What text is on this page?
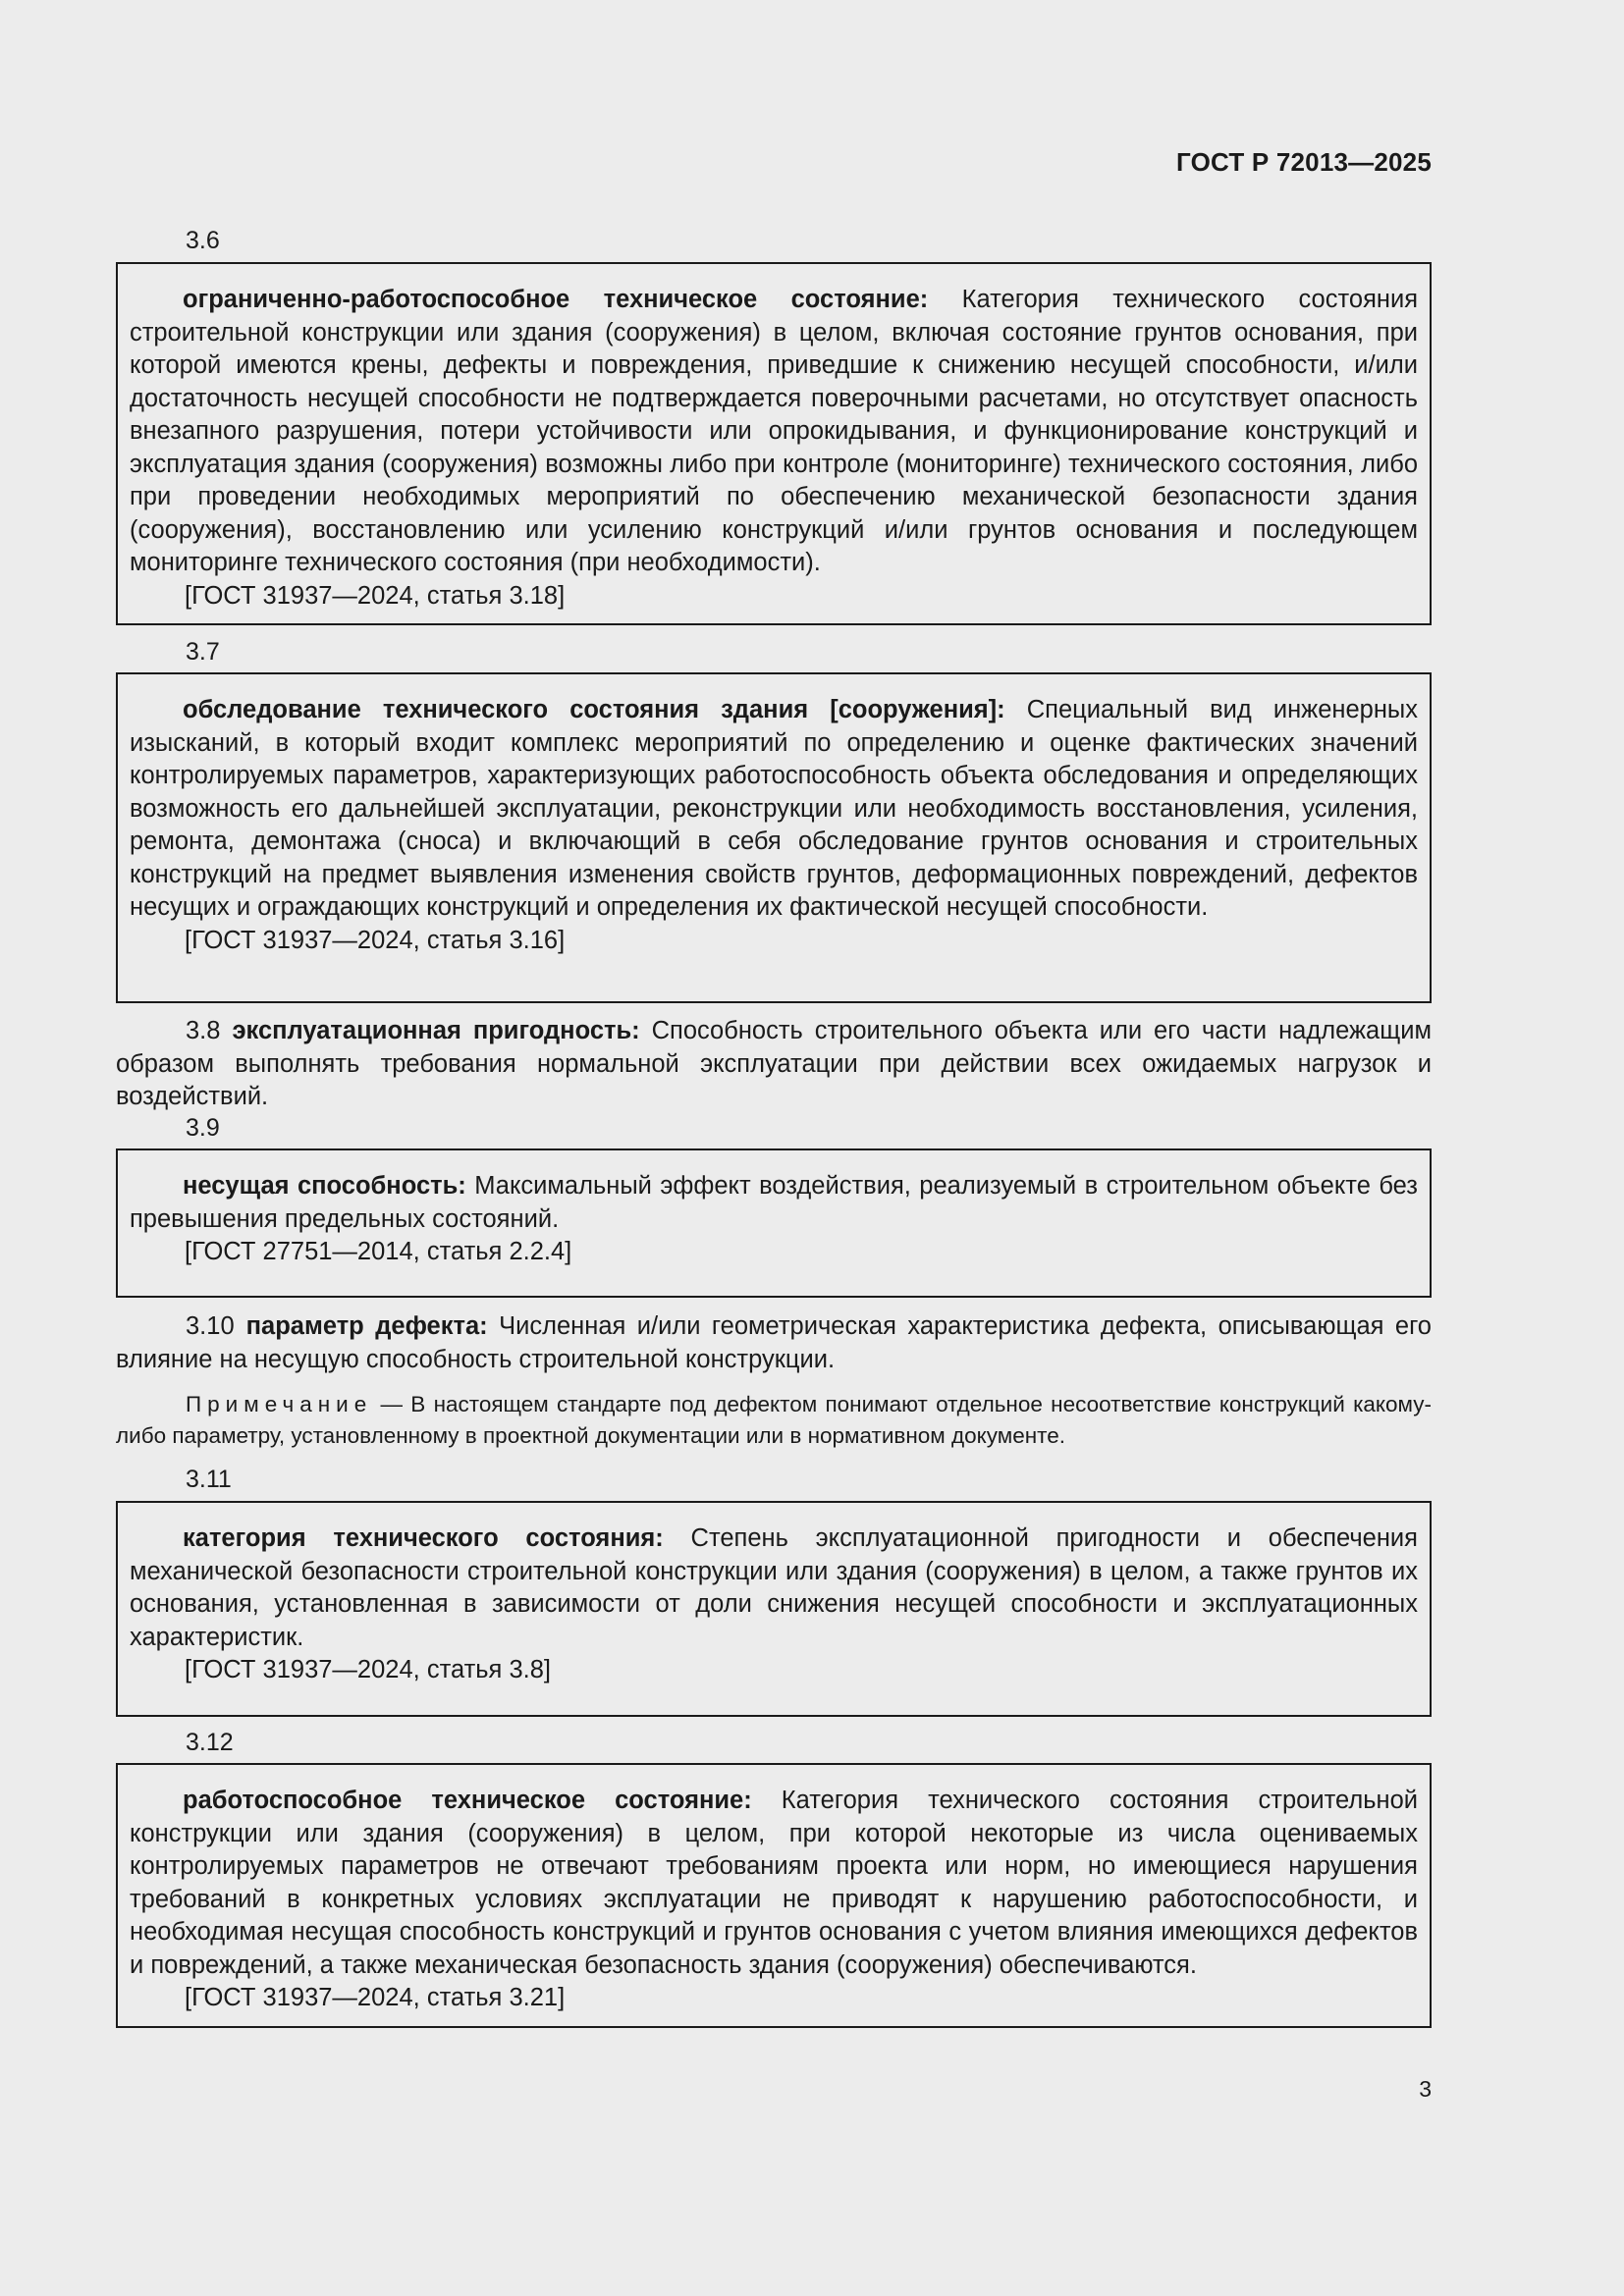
ГОСТ Р 72013—2025
3.6

ограниченно-работоспособное техническое состояние: Категория технического состояния строительной конструкции или здания (сооружения) в целом, включая состояние грунтов основания, при которой имеются крены, дефекты и повреждения, приведшие к снижению несущей способности, и/или достаточность несущей способности не подтверждается поверочными расчетами, но отсутствует опасность внезапного разрушения, потери устойчивости или опрокидывания, и функционирование конструкций и эксплуатация здания (сооружения) возможны либо при контроле (мониторинге) технического состояния, либо при проведении необходимых мероприятий по обеспечению механической безопасности здания (сооружения), восстановлению или усилению конструкций и/или грунтов основания и последующем мониторинге технического состояния (при необходимости).

[ГОСТ 31937—2024, статья 3.18]

3.7

обследование технического состояния здания [сооружения]: Специальный вид инженерных изысканий, в который входит комплекс мероприятий по определению и оценке фактических значений контролируемых параметров, характеризующих работоспособность объекта обследования и определяющих возможность его дальнейшей эксплуатации, реконструкции или необходимость восстановления, усиления, ремонта, демонтажа (сноса) и включающий в себя обследование грунтов основания и строительных конструкций на предмет выявления изменения свойств грунтов, деформационных повреждений, дефектов несущих и ограждающих конструкций и определения их фактической несущей способности.

[ГОСТ 31937—2024, статья 3.16]

3.8 эксплуатационная пригодность: Способность строительного объекта или его части надлежащим образом выполнять требования нормальной эксплуатации при действии всех ожидаемых нагрузок и воздействий.

3.9

несущая способность: Максимальный эффект воздействия, реализуемый в строительном объекте без превышения предельных состояний.

[ГОСТ 27751—2014, статья 2.2.4]

3.10 параметр дефекта: Численная и/или геометрическая характеристика дефекта, описывающая его влияние на несущую способность строительной конструкции.

Примечание — В настоящем стандарте под дефектом понимают отдельное несоответствие конструкций какому-либо параметру, установленному в проектной документации или в нормативном документе.

3.11

категория технического состояния: Степень эксплуатационной пригодности и обеспечения механической безопасности строительной конструкции или здания (сооружения) в целом, а также грунтов их основания, установленная в зависимости от доли снижения несущей способности и эксплуатационных характеристик.

[ГОСТ 31937—2024, статья 3.8]

3.12

работоспособное техническое состояние: Категория технического состояния строительной конструкции или здания (сооружения) в целом, при которой некоторые из числа оцениваемых контролируемых параметров не отвечают требованиям проекта или норм, но имеющиеся нарушения требований в конкретных условиях эксплуатации не приводят к нарушению работоспособности, и необходимая несущая способность конструкций и грунтов основания с учетом влияния имеющихся дефектов и повреждений, а также механическая безопасность здания (сооружения) обеспечиваются.

[ГОСТ 31937—2024, статья 3.21]

3
